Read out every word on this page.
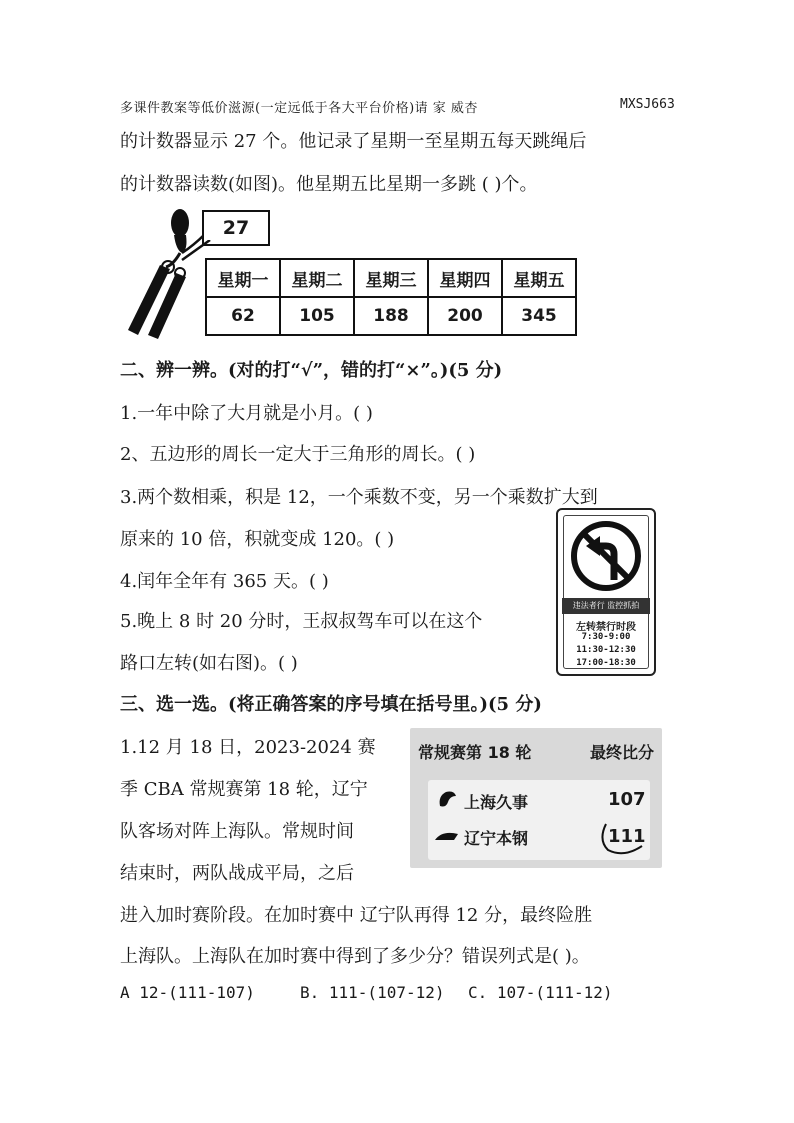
多课件教案等低价滋源(一定远低于各大平台价格)请 家 威杏	MXSJ663
的计数器显示 27 个。他记录了星期一至星期五每天跳绳后
的计数器读数(如图)。他星期五比星期一多跳 ( )个。
27
星期一	星期二	星期三	星期四	星期五
62	105	188	200	345
二、辨一辨。(对的打“√”，错的打“×”。)(5 分)
1.一年中除了大月就是小月。( )
2、五边形的周长一定大于三角形的周长。( )
3.两个数相乘，积是 12，一个乘数不变，另一个乘数扩大到
原来的 10 倍，积就变成 120。( )
4.闰年全年有 365 天。( )
5.晚上 8 时 20 分时，王叔叔驾车可以在这个
路口左转(如右图)。( )
违法者行 监控抓拍
左转禁行时段
7:30-9:00
11:30-12:30
17:00-18:30
三、选一选。(将正确答案的序号填在括号里。)(5 分)
1.12 月 18 日，2023-2024 赛
季 CBA 常规赛第 18 轮，辽宁
队客场对阵上海队。常规时间
结束时，两队战成平局，之后
进入加时赛阶段。在加时赛中 辽宁队再得 12 分，最终险胜
上海队。上海队在加时赛中得到了多少分？错误列式是( )。
A 12-(111-107)	B. 111-(107-12) C. 107-(111-12)
常规赛第 18 轮	最终比分
上海久事	107
辽宁本钢	111
